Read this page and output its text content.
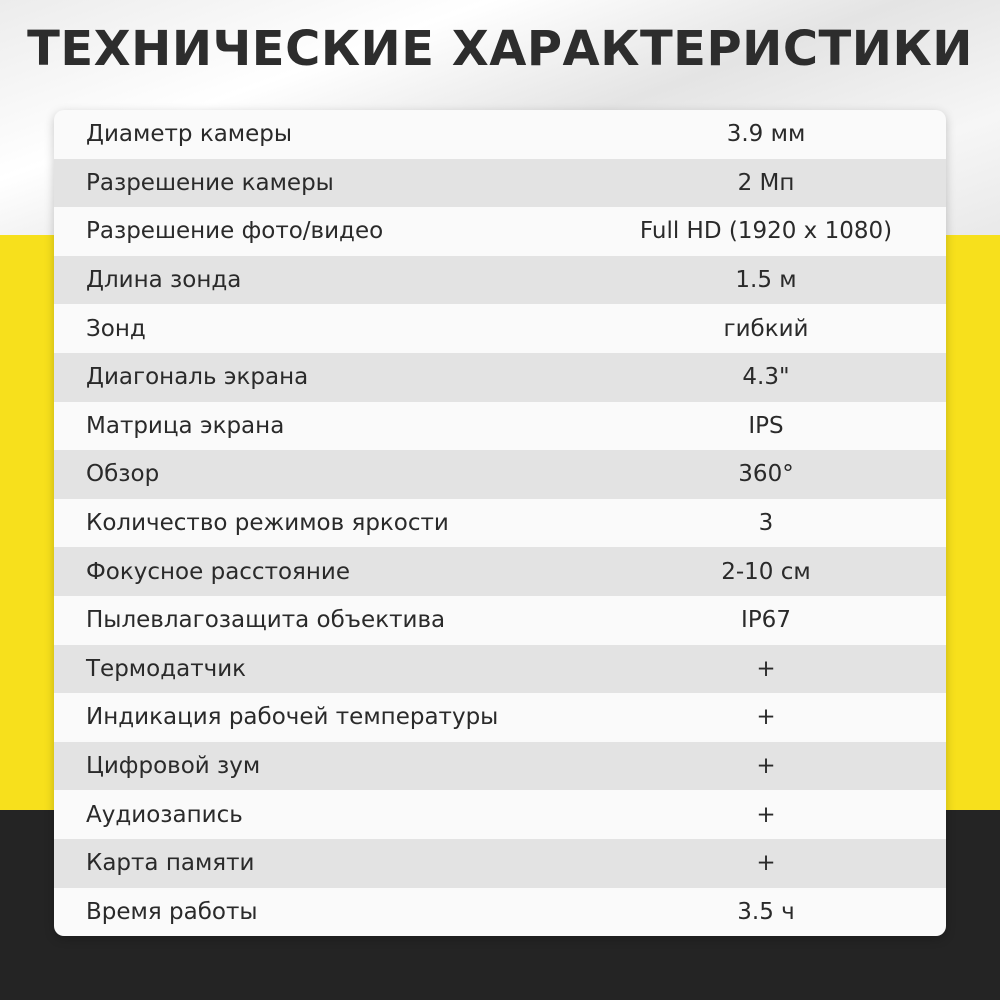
ТЕХНИЧЕСКИЕ ХАРАКТЕРИСТИКИ
Диаметр камеры	3.9 мм
Разрешение камеры	2 Мп
Разрешение фото/видео	Full HD (1920 x 1080)
Длина зонда	1.5 м
Зонд	гибкий
Диагональ экрана	4.3"
Матрица экрана	IPS
Обзор	360°
Количество режимов яркости	3
Фокусное расстояние	2-10 см
Пылевлагозащита объектива	IP67
Термодатчик	+
Индикация рабочей температуры	+
Цифровой зум	+
Аудиозапись	+
Карта памяти	+
Время работы	3.5 ч
